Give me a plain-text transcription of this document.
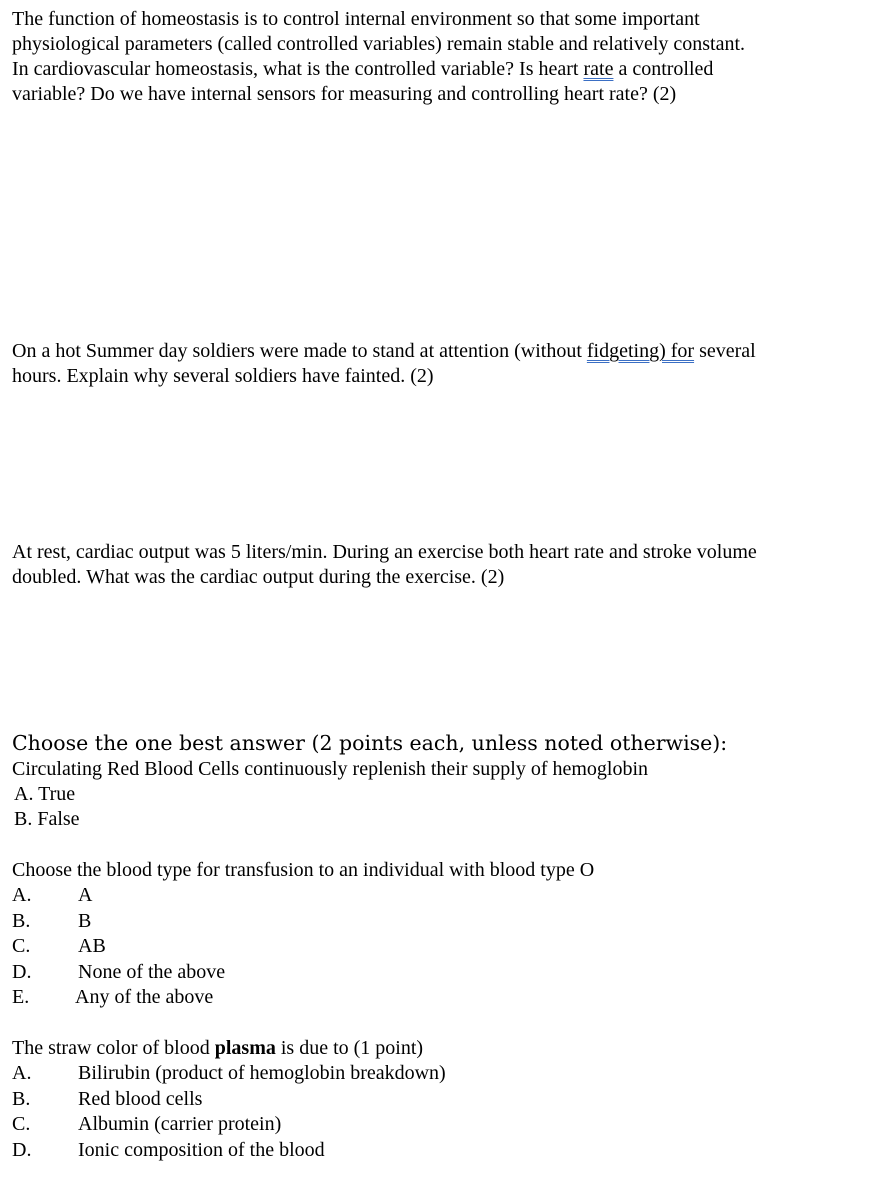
The function of homeostasis is to control internal environment so that some important
physiological parameters (called controlled variables) remain stable and relatively constant.
In cardiovascular homeostasis, what is the controlled variable? Is heart rate a controlled
variable? Do we have internal sensors for measuring and controlling heart rate? (2)
On a hot Summer day soldiers were made to stand at attention (without fidgeting) for several
hours. Explain why several soldiers have fainted. (2)
At rest, cardiac output was 5 liters/min. During an exercise both heart rate and stroke volume
doubled. What was the cardiac output during the exercise. (2)
Choose the one best answer (2 points each, unless noted otherwise):
Circulating Red Blood Cells continuously replenish their supply of hemoglobin
A. True
B. False
Choose the blood type for transfusion to an individual with blood type O
A. A
B. B
C. AB
D. None of the above
E. Any of the above
The straw color of blood plasma is due to (1 point)
A. Bilirubin (product of hemoglobin breakdown)
B. Red blood cells
C. Albumin (carrier protein)
D. Ionic composition of the blood
